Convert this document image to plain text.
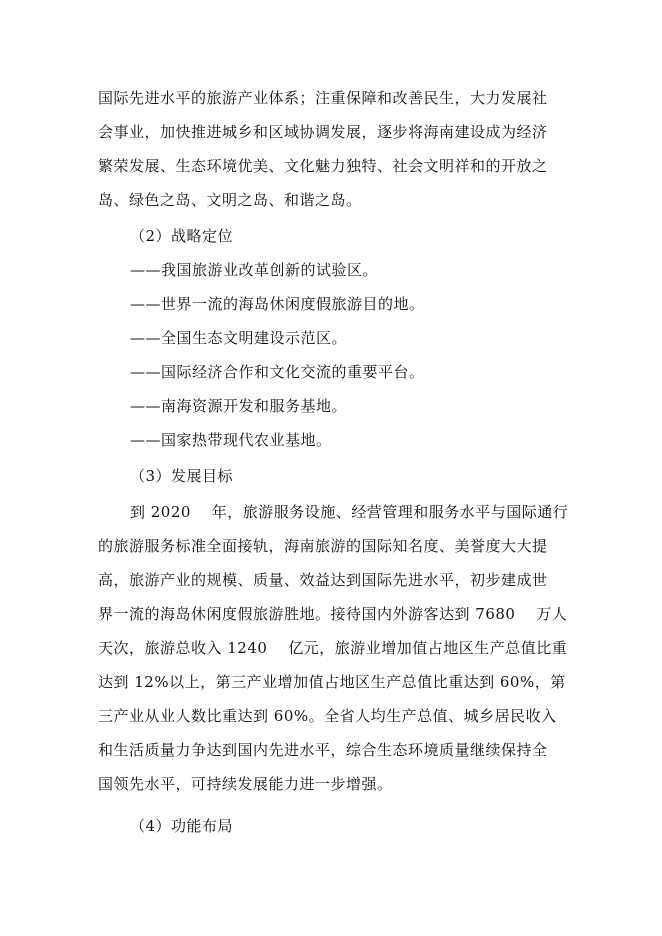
国际先进水平的旅游产业体系；注重保障和改善民生，大力发展社
会事业，加快推进城乡和区域协调发展，逐步将海南建设成为经济
繁荣发展、生态环境优美、文化魅力独特、社会文明祥和的开放之
岛、绿色之岛、文明之岛、和谐之岛。
（2）战略定位
——我国旅游业改革创新的试验区。
——世界一流的海岛休闲度假旅游目的地。
——全国生态文明建设示范区。
——国际经济合作和文化交流的重要平台。
——南海资源开发和服务基地。
——国家热带现代农业基地。
（3）发展目标
到 2020　 年，旅游服务设施、经营管理和服务水平与国际通行
的旅游服务标准全面接轨，海南旅游的国际知名度、美誉度大大提
高，旅游产业的规模、质量、效益达到国际先进水平，初步建成世
界一流的海岛休闲度假旅游胜地。接待国内外游客达到 7680　 万人
天次，旅游总收入 1240　 亿元，旅游业增加值占地区生产总值比重
达到 12%以上，第三产业增加值占地区生产总值比重达到 60%，第
三产业从业人数比重达到 60%。全省人均生产总值、城乡居民收入
和生活质量力争达到国内先进水平，综合生态环境质量继续保持全
国领先水平，可持续发展能力进一步增强。
（4）功能布局
